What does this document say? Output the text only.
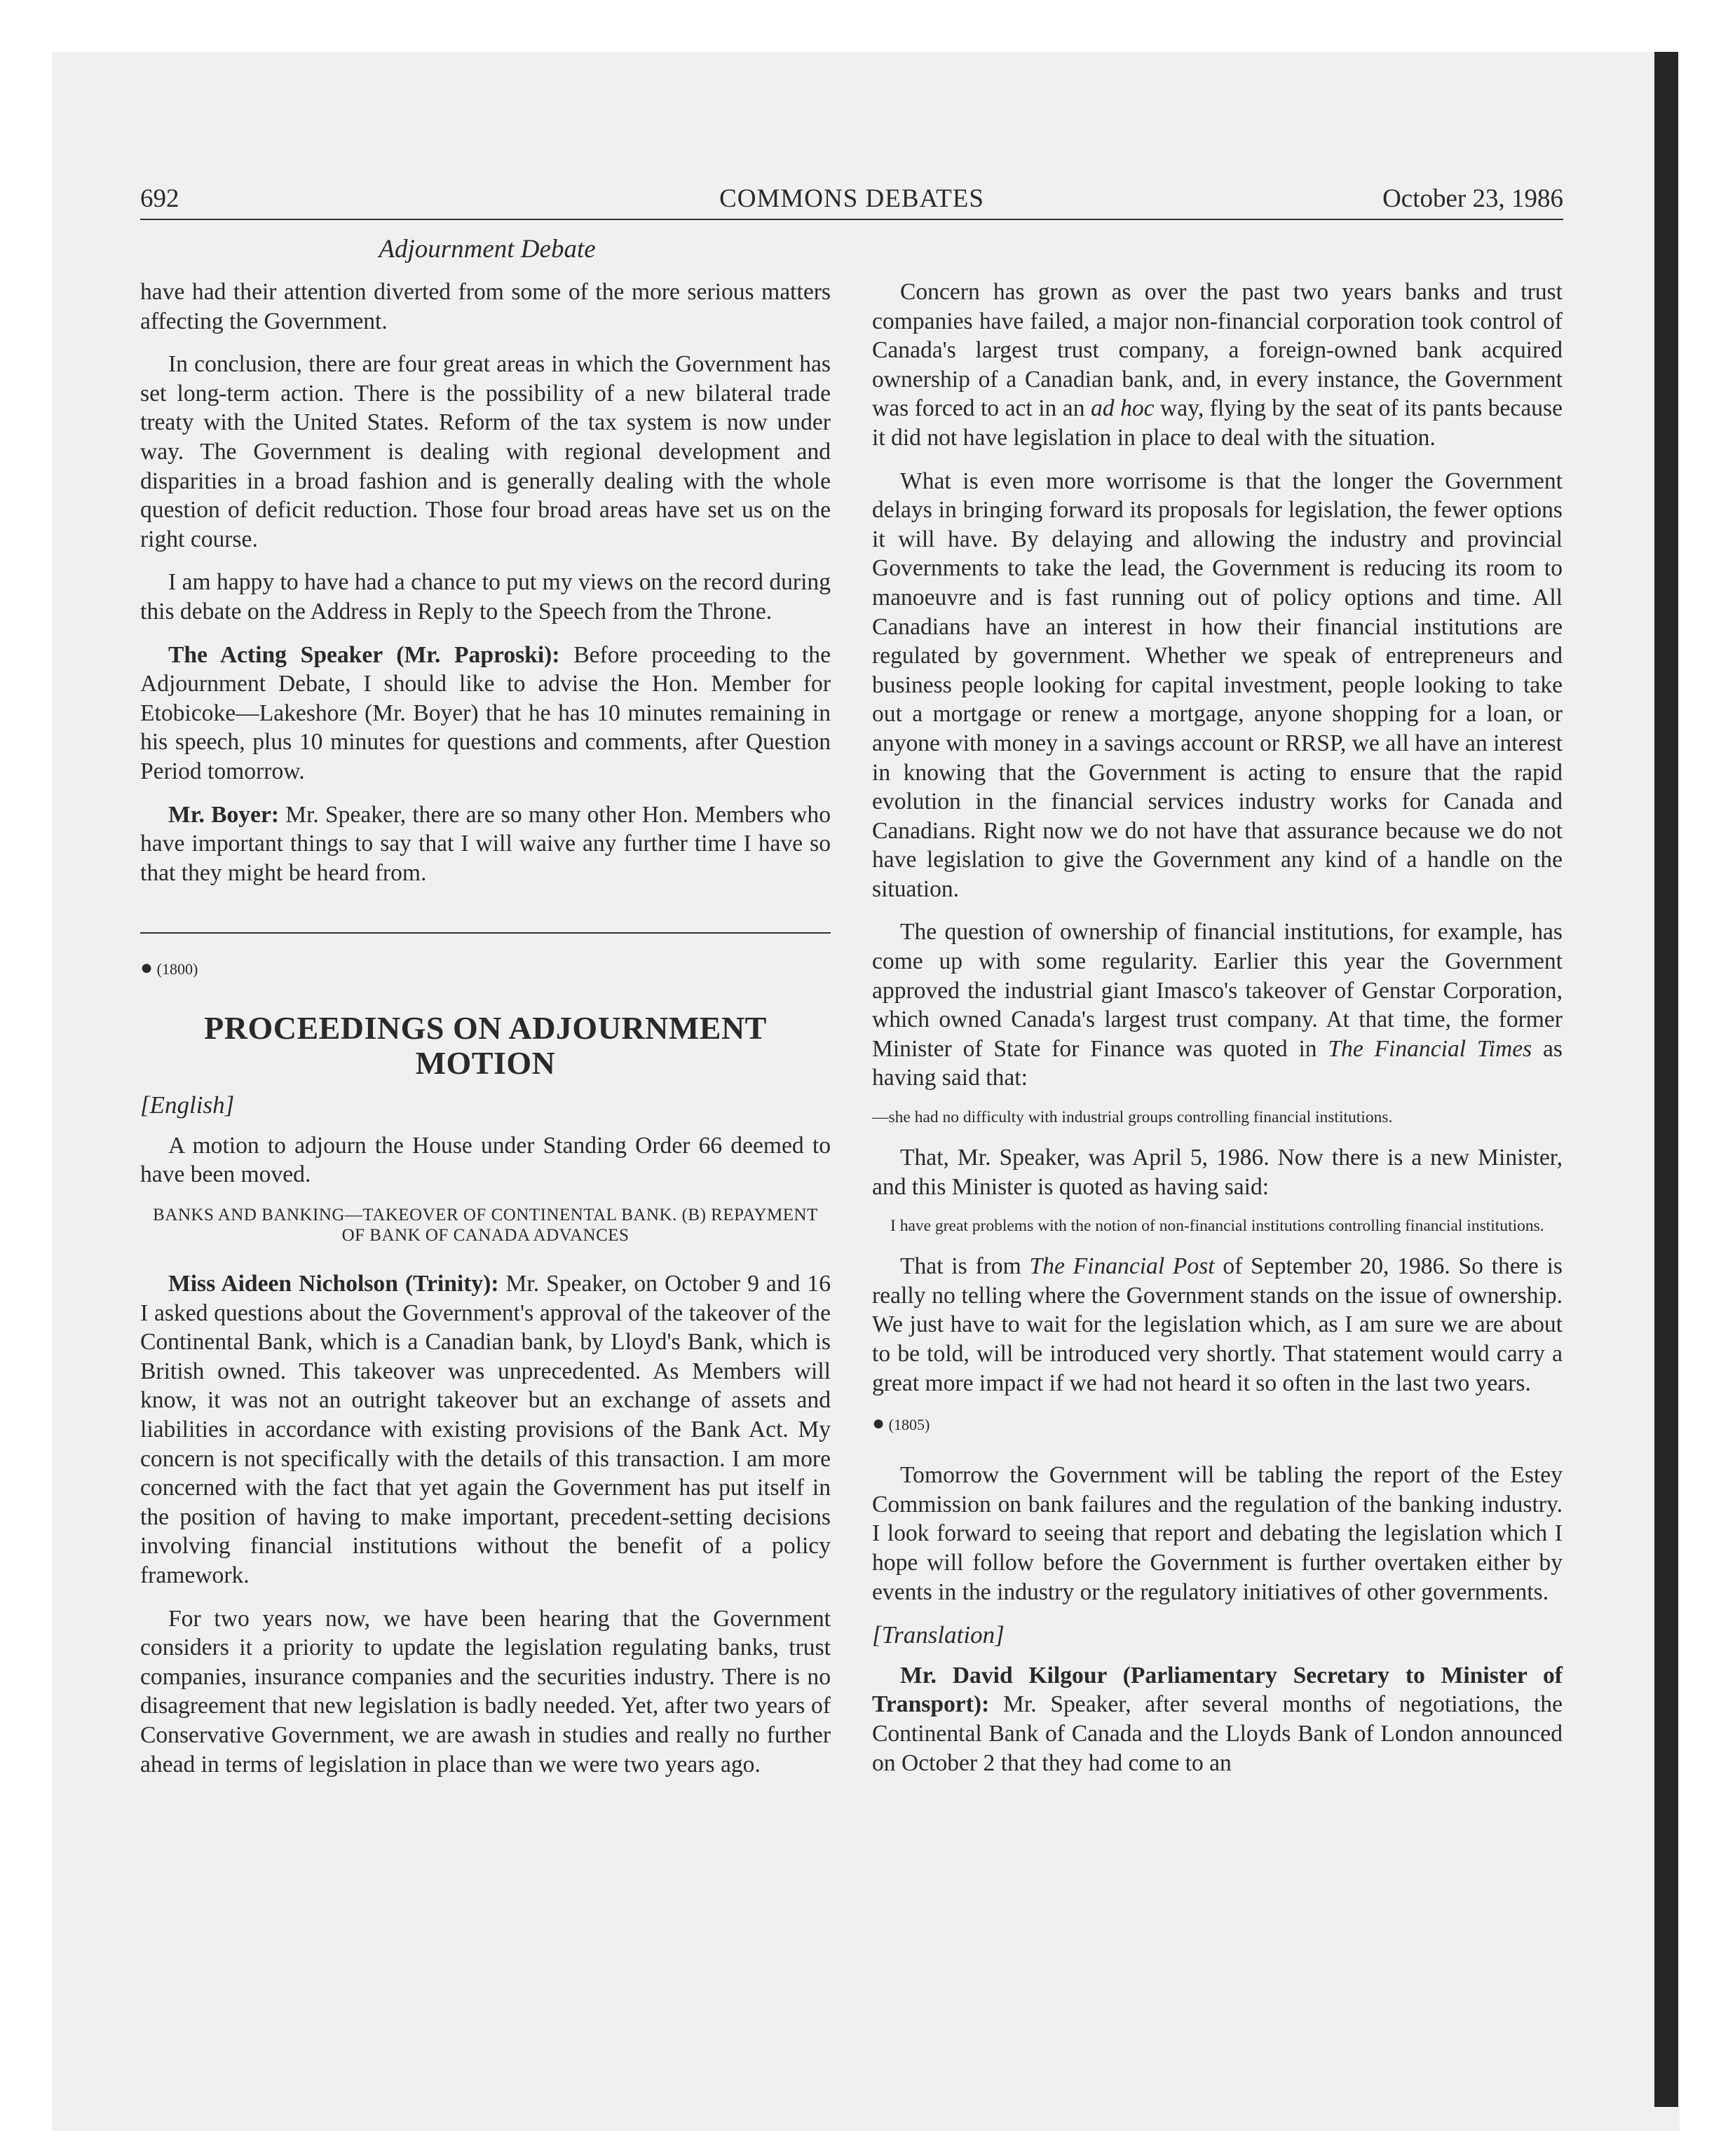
692	COMMONS DEBATES	October 23, 1986
Adjournment Debate

have had their attention diverted from some of the more serious matters affecting the Government.

In conclusion, there are four great areas in which the Government has set long-term action. There is the possibility of a new bilateral trade treaty with the United States. Reform of the tax system is now under way. The Government is dealing with regional development and disparities in a broad fashion and is generally dealing with the whole question of deficit reduction. Those four broad areas have set us on the right course.

I am happy to have had a chance to put my views on the record during this debate on the Address in Reply to the Speech from the Throne.

The Acting Speaker (Mr. Paproski): Before proceeding to the Adjournment Debate, I should like to advise the Hon. Member for Etobicoke—Lakeshore (Mr. Boyer) that he has 10 minutes remaining in his speech, plus 10 minutes for questions and comments, after Question Period tomorrow.

Mr. Boyer: Mr. Speaker, there are so many other Hon. Members who have important things to say that I will waive any further time I have so that they might be heard from.

● (1800)
PROCEEDINGS ON ADJOURNMENT MOTION
[English]

A motion to adjourn the House under Standing Order 66 deemed to have been moved.

BANKS AND BANKING—TAKEOVER OF CONTINENTAL BANK. (B) REPAYMENT OF BANK OF CANADA ADVANCES

Miss Aideen Nicholson (Trinity): Mr. Speaker, on October 9 and 16 I asked questions about the Government's approval of the takeover of the Continental Bank, which is a Canadian bank, by Lloyd's Bank, which is British owned. This takeover was unprecedented. As Members will know, it was not an outright takeover but an exchange of assets and liabilities in accordance with existing provisions of the Bank Act. My concern is not specifically with the details of this transaction. I am more concerned with the fact that yet again the Government has put itself in the position of having to make important, precedent-setting decisions involving financial institutions without the benefit of a policy framework.

For two years now, we have been hearing that the Government considers it a priority to update the legislation regulating banks, trust companies, insurance companies and the securities industry. There is no disagreement that new legislation is badly needed. Yet, after two years of Conservative Government, we are awash in studies and really no further ahead in terms of legislation in place than we were two years ago.

Concern has grown as over the past two years banks and trust companies have failed, a major non-financial corporation took control of Canada's largest trust company, a foreign-owned bank acquired ownership of a Canadian bank, and, in every instance, the Government was forced to act in an ad hoc way, flying by the seat of its pants because it did not have legislation in place to deal with the situation.

What is even more worrisome is that the longer the Government delays in bringing forward its proposals for legislation, the fewer options it will have. By delaying and allowing the industry and provincial Governments to take the lead, the Government is reducing its room to manoeuvre and is fast running out of policy options and time. All Canadians have an interest in how their financial institutions are regulated by government. Whether we speak of entrepreneurs and business people looking for capital investment, people looking to take out a mortgage or renew a mortgage, anyone shopping for a loan, or anyone with money in a savings account or RRSP, we all have an interest in knowing that the Government is acting to ensure that the rapid evolution in the financial services industry works for Canada and Canadians. Right now we do not have that assurance because we do not have legislation to give the Government any kind of a handle on the situation.

The question of ownership of financial institutions, for example, has come up with some regularity. Earlier this year the Government approved the industrial giant Imasco's takeover of Genstar Corporation, which owned Canada's largest trust company. At that time, the former Minister of State for Finance was quoted in The Financial Times as having said that:

—she had no difficulty with industrial groups controlling financial institutions.

That, Mr. Speaker, was April 5, 1986. Now there is a new Minister, and this Minister is quoted as having said:

I have great problems with the notion of non-financial institutions controlling financial institutions.

That is from The Financial Post of September 20, 1986. So there is really no telling where the Government stands on the issue of ownership. We just have to wait for the legislation which, as I am sure we are about to be told, will be introduced very shortly. That statement would carry a great more impact if we had not heard it so often in the last two years.

● (1805)

Tomorrow the Government will be tabling the report of the Estey Commission on bank failures and the regulation of the banking industry. I look forward to seeing that report and debating the legislation which I hope will follow before the Government is further overtaken either by events in the industry or the regulatory initiatives of other governments.

[Translation]

Mr. David Kilgour (Parliamentary Secretary to Minister of Transport): Mr. Speaker, after several months of negotiations, the Continental Bank of Canada and the Lloyds Bank of London announced on October 2 that they had come to an
